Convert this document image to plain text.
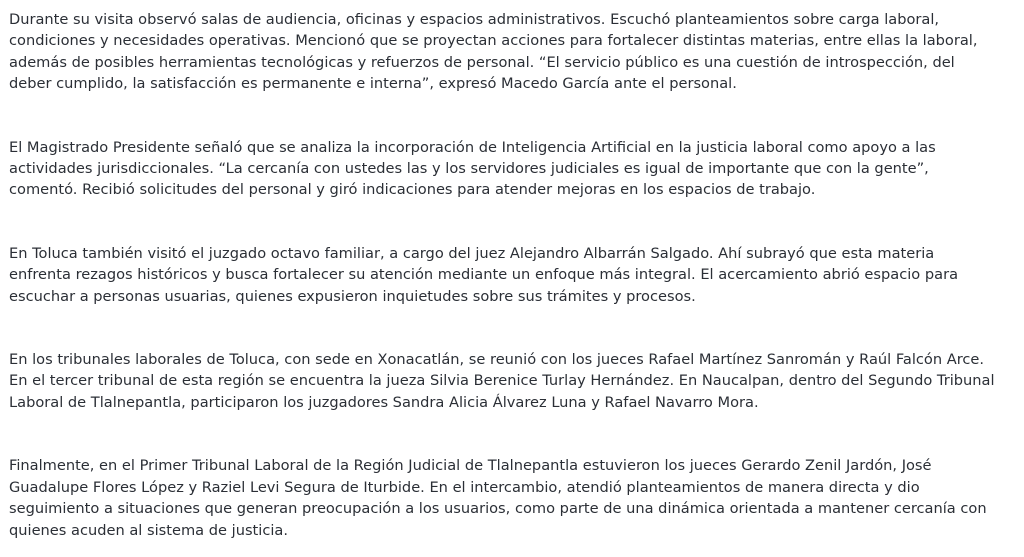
Durante su visita observó salas de audiencia, oficinas y espacios administrativos. Escuchó planteamientos sobre carga laboral, condiciones y necesidades operativas. Mencionó que se proyectan acciones para fortalecer distintas materias, entre ellas la laboral, además de posibles herramientas tecnológicas y refuerzos de personal. “El servicio público es una cuestión de introspección, del deber cumplido, la satisfacción es permanente e interna”, expresó Macedo García ante el personal.

El Magistrado Presidente señaló que se analiza la incorporación de Inteligencia Artificial en la justicia laboral como apoyo a las actividades jurisdiccionales. “La cercanía con ustedes las y los servidores judiciales es igual de importante que con la gente”, comentó. Recibió solicitudes del personal y giró indicaciones para atender mejoras en los espacios de trabajo.

En Toluca también visitó el juzgado octavo familiar, a cargo del juez Alejandro Albarrán Salgado. Ahí subrayó que esta materia enfrenta rezagos históricos y busca fortalecer su atención mediante un enfoque más integral. El acercamiento abrió espacio para escuchar a personas usuarias, quienes expusieron inquietudes sobre sus trámites y procesos.

En los tribunales laborales de Toluca, con sede en Xonacatlán, se reunió con los jueces Rafael Martínez Sanromán y Raúl Falcón Arce. En el tercer tribunal de esta región se encuentra la jueza Silvia Berenice Turlay Hernández. En Naucalpan, dentro del Segundo Tribunal Laboral de Tlalnepantla, participaron los juzgadores Sandra Alicia Álvarez Luna y Rafael Navarro Mora.

Finalmente, en el Primer Tribunal Laboral de la Región Judicial de Tlalnepantla estuvieron los jueces Gerardo Zenil Jardón, José Guadalupe Flores López y Raziel Levi Segura de Iturbide. En el intercambio, atendió planteamientos de manera directa y dio seguimiento a situaciones que generan preocupación a los usuarios, como parte de una dinámica orientada a mantener cercanía con quienes acuden al sistema de justicia.
